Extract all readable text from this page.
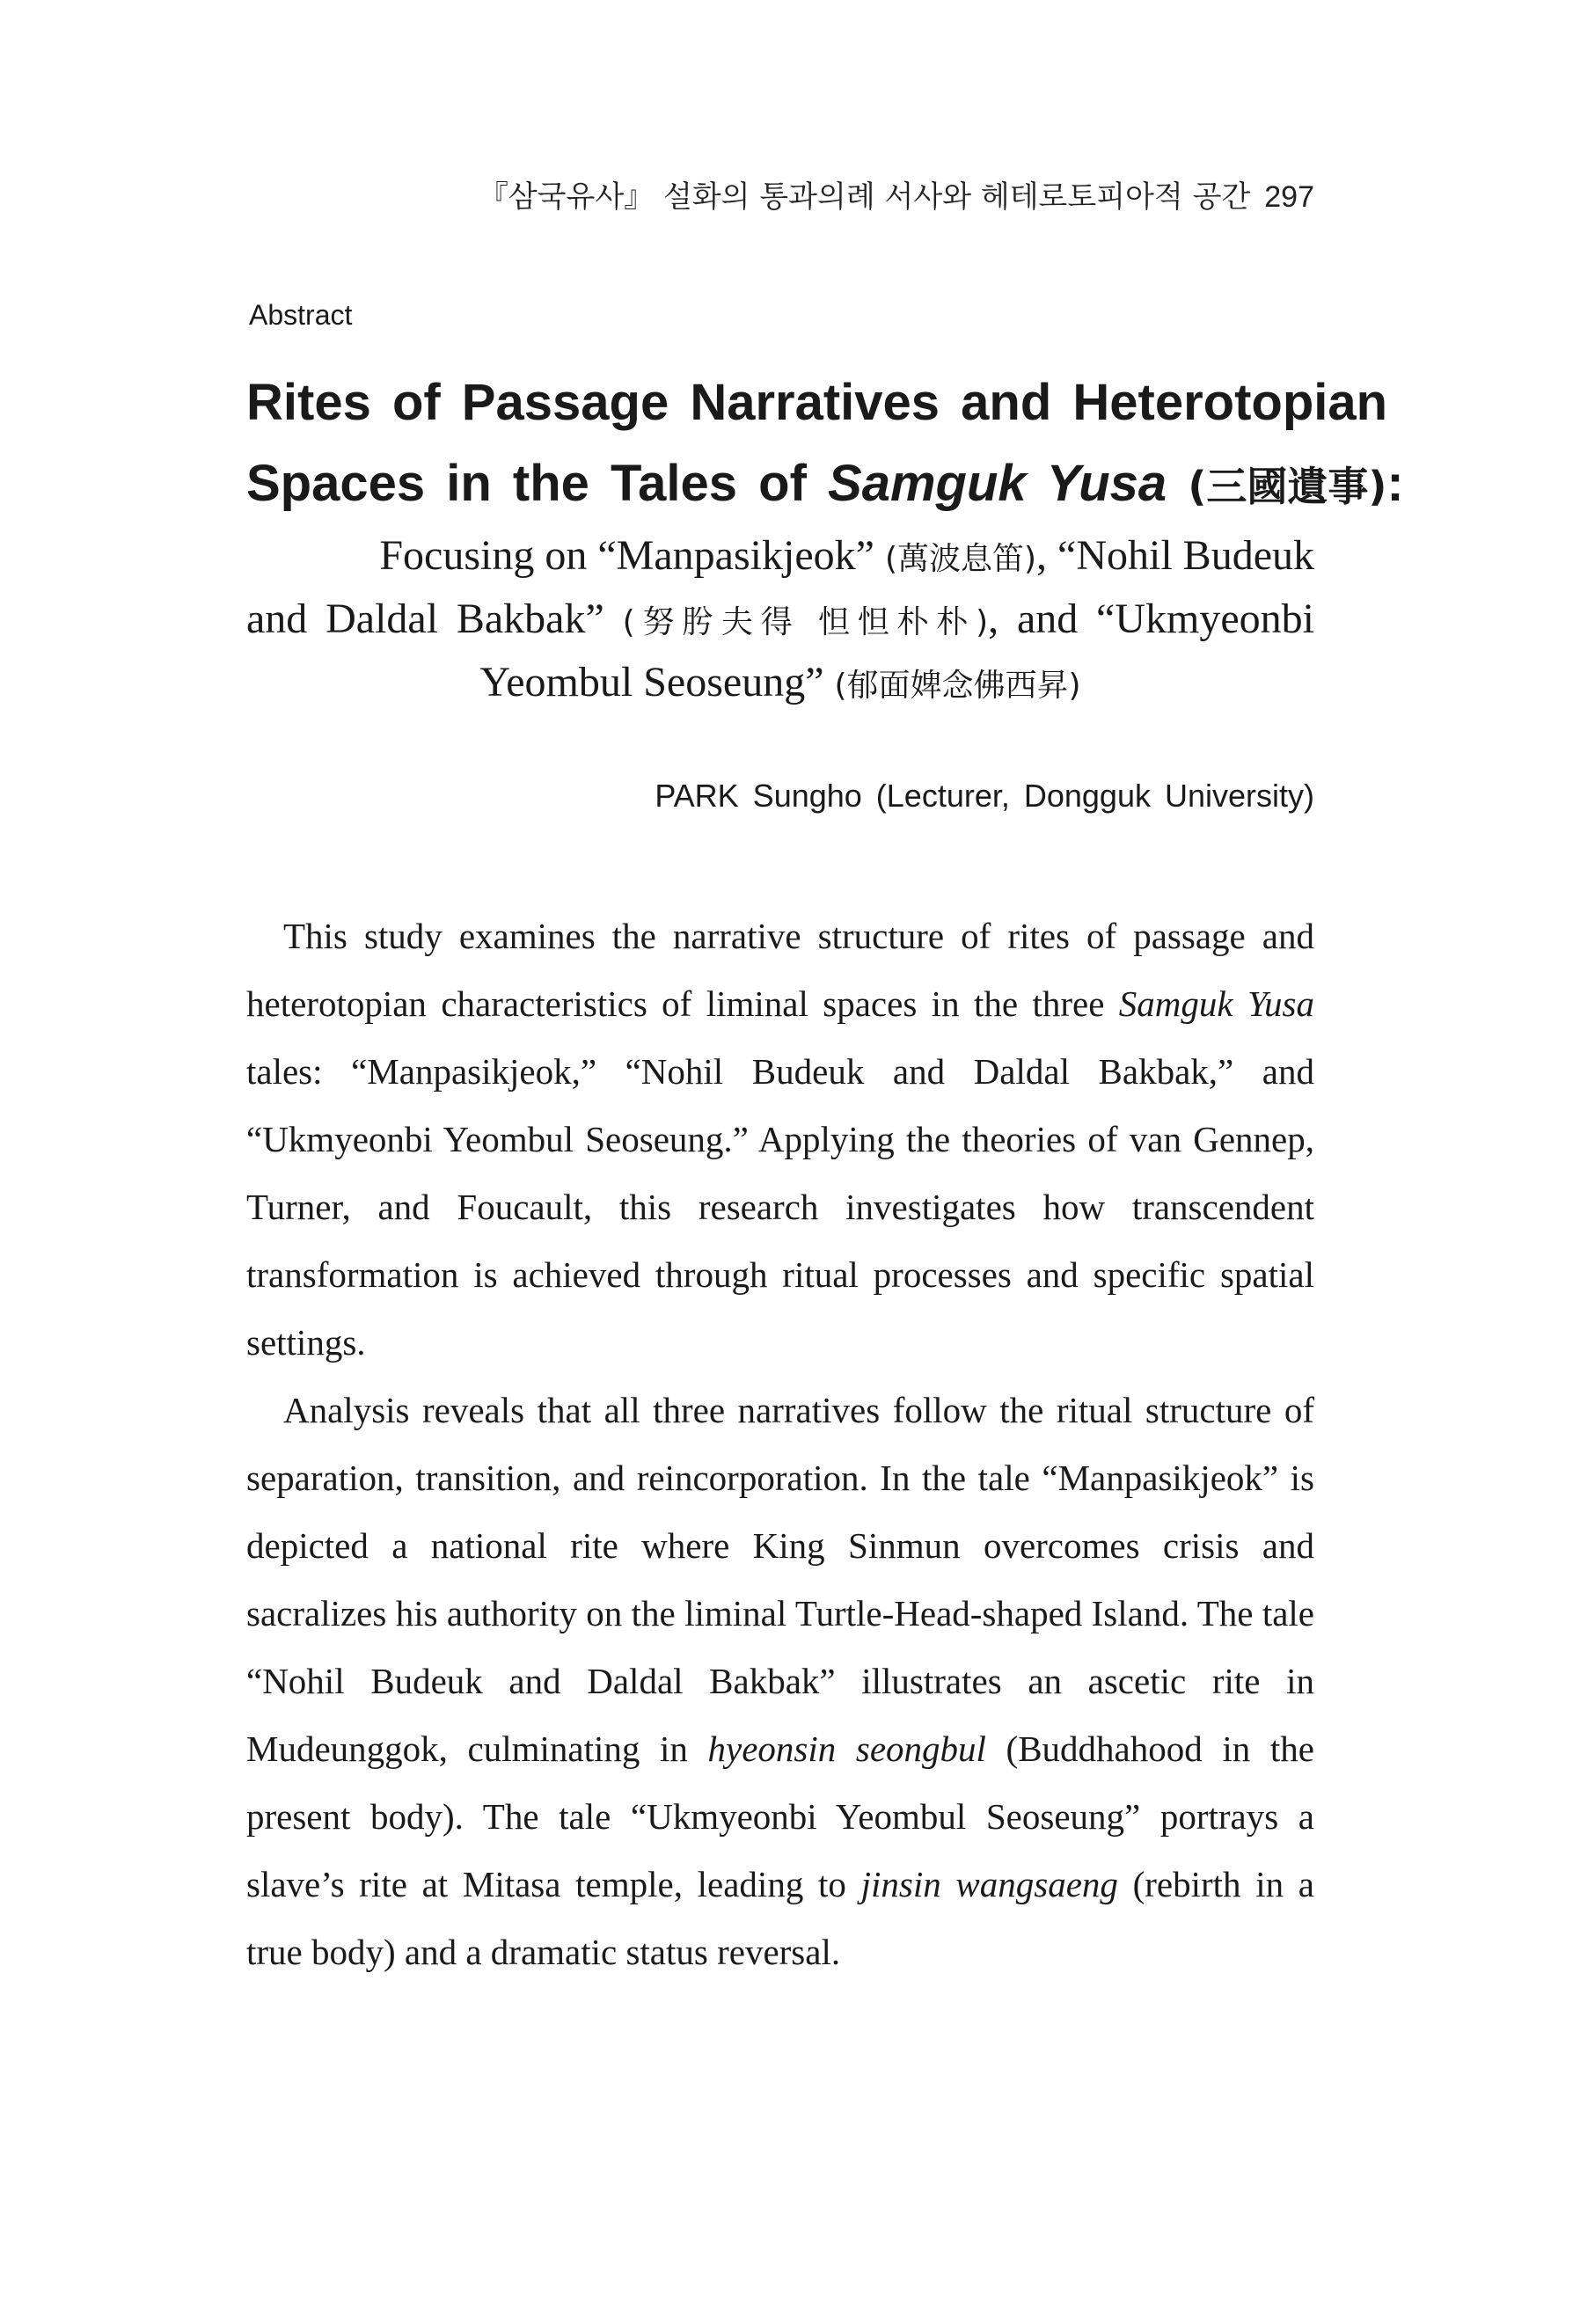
『삼국유사』 설화의 통과의례 서사와 헤테로토피아적 공간 297
Abstract
Rites of Passage Narratives and Heterotopian
Spaces in the Tales of Samguk Yusa (三國遺事):
Focusing on “Manpasikjeok” (萬波息笛), “Nohil Budeuk
and Daldal Bakbak” (努肹夫得 怛怛朴朴), and “Ukmyeonbi
Yeombul Seoseung” (郁面婢念佛西昇)
PARK Sungho (Lecturer, Dongguk University)

This study examines the narrative structure of rites of passage and heterotopian characteristics of liminal spaces in the three Samguk Yusa tales: “Manpasikjeok,” “Nohil Budeuk and Daldal Bakbak,” and “Ukmyeonbi Yeombul Seoseung.” Applying the theories of van Gennep, Turner, and Foucault, this research investigates how transcendent transformation is achieved through ritual processes and specific spatial settings.

Analysis reveals that all three narratives follow the ritual structure of separation, transition, and reincorporation. In the tale “Manpasikjeok” is depicted a national rite where King Sinmun overcomes crisis and sacralizes his authority on the liminal Turtle-Head-shaped Island. The tale “Nohil Budeuk and Daldal Bakbak” illustrates an ascetic rite in Mudeunggok, culminating in hyeonsin seongbul (Buddhahood in the present body). The tale “Ukmyeonbi Yeombul Seoseung” portrays a slave’s rite at Mitasa temple, leading to jinsin wangsaeng (rebirth in a true body) and a dramatic status reversal.
